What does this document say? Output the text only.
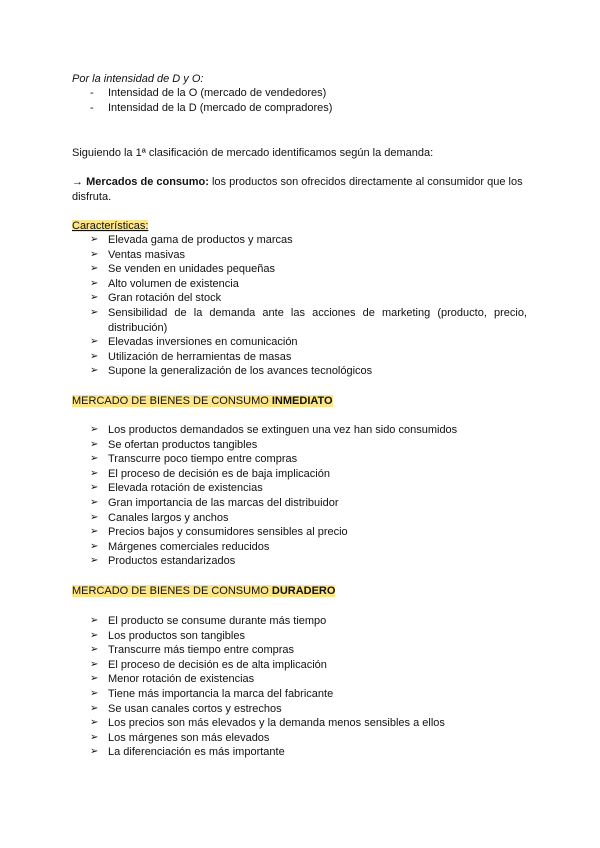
Por la intensidad de D y O:
- Intensidad de la O (mercado de vendedores)
- Intensidad de la D (mercado de compradores)
Siguiendo la 1ª clasificación de mercado identificamos según la demanda:
→ Mercados de consumo: los productos son ofrecidos directamente al consumidor que los
disfruta.
Características:
➢ Elevada gama de productos y marcas
➢ Ventas masivas
➢ Se venden en unidades pequeñas
➢ Alto volumen de existencia
➢ Gran rotación del stock
➢ Sensibilidad de la demanda ante las acciones de marketing (producto, precio, distribución)
➢ Elevadas inversiones en comunicación
➢ Utilización de herramientas de masas
➢ Supone la generalización de los avances tecnológicos
MERCADO DE BIENES DE CONSUMO INMEDIATO
➢ Los productos demandados se extinguen una vez han sido consumidos
➢ Se ofertan productos tangibles
➢ Transcurre poco tiempo entre compras
➢ El proceso de decisión es de baja implicación
➢ Elevada rotación de existencias
➢ Gran importancia de las marcas del distribuidor
➢ Canales largos y anchos
➢ Precios bajos y consumidores sensibles al precio
➢ Márgenes comerciales reducidos
➢ Productos estandarizados
MERCADO DE BIENES DE CONSUMO DURADERO
➢ El producto se consume durante más tiempo
➢ Los productos son tangibles
➢ Transcurre más tiempo entre compras
➢ El proceso de decisión es de alta implicación
➢ Menor rotación de existencias
➢ Tiene más importancia la marca del fabricante
➢ Se usan canales cortos y estrechos
➢ Los precios son más elevados y la demanda menos sensibles a ellos
➢ Los márgenes son más elevados
➢ La diferenciación es más importante
